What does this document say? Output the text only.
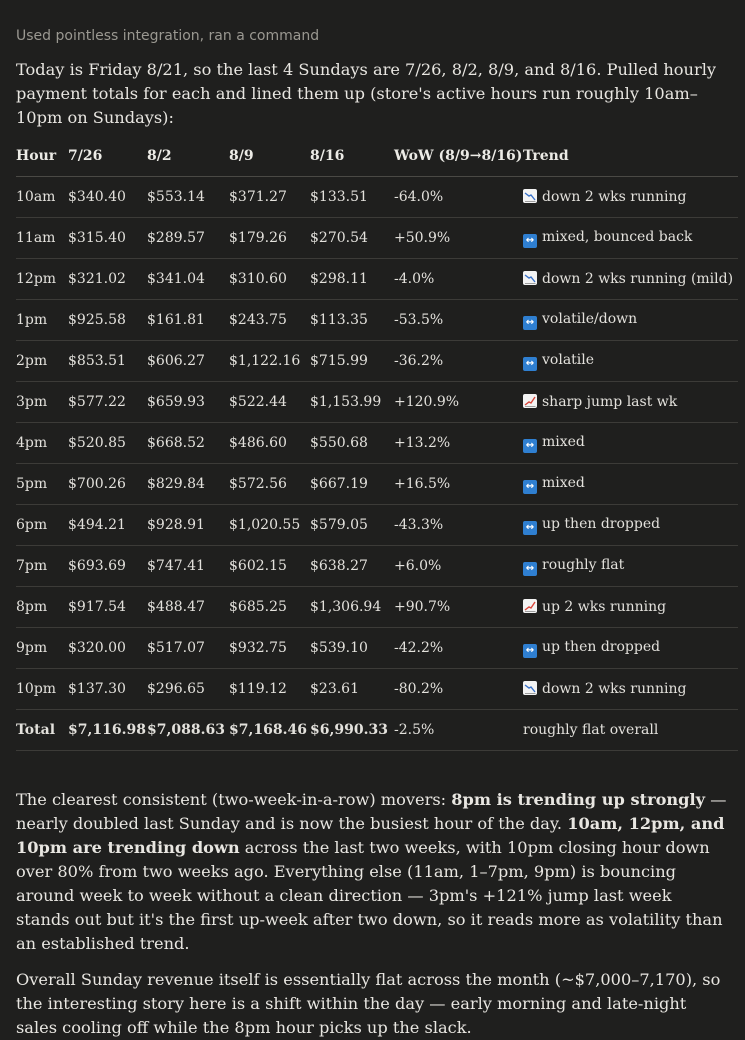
Used pointless integration, ran a command

Today is Friday 8/21, so the last 4 Sundays are 7/26, 8/2, 8/9, and 8/16. Pulled hourly payment totals for each and lined them up (store's active hours run roughly 10am–10pm on Sundays):

Hour	7/26	8/2	8/9	8/16	WoW (8/9→8/16)	Trend
10am	$340.40	$553.14	$371.27	$133.51	-64.0%	down 2 wks running
11am	$315.40	$289.57	$179.26	$270.54	+50.9%	↔ mixed, bounced back
12pm	$321.02	$341.04	$310.60	$298.11	-4.0%	down 2 wks running (mild)
1pm	$925.58	$161.81	$243.75	$113.35	-53.5%	↔ volatile/down
2pm	$853.51	$606.27	$1,122.16	$715.99	-36.2%	↔ volatile
3pm	$577.22	$659.93	$522.44	$1,153.99	+120.9%	sharp jump last wk
4pm	$520.85	$668.52	$486.60	$550.68	+13.2%	↔ mixed
5pm	$700.26	$829.84	$572.56	$667.19	+16.5%	↔ mixed
6pm	$494.21	$928.91	$1,020.55	$579.05	-43.3%	↔ up then dropped
7pm	$693.69	$747.41	$602.15	$638.27	+6.0%	↔ roughly flat
8pm	$917.54	$488.47	$685.25	$1,306.94	+90.7%	up 2 wks running
9pm	$320.00	$517.07	$932.75	$539.10	-42.2%	↔ up then dropped
10pm	$137.30	$296.65	$119.12	$23.61	-80.2%	down 2 wks running
Total	$7,116.98	$7,088.63	$7,168.46	$6,990.33	-2.5%	roughly flat overall

The clearest consistent (two-week-in-a-row) movers: 8pm is trending up strongly — nearly doubled last Sunday and is now the busiest hour of the day. 10am, 12pm, and 10pm are trending down across the last two weeks, with 10pm closing hour down over 80% from two weeks ago. Everything else (11am, 1–7pm, 9pm) is bouncing around week to week without a clean direction — 3pm's +121% jump last week stands out but it's the first up-week after two down, so it reads more as volatility than an established trend.

Overall Sunday revenue itself is essentially flat across the month (~$7,000–7,170), so the interesting story here is a shift within the day — early morning and late-night sales cooling off while the 8pm hour picks up the slack.
